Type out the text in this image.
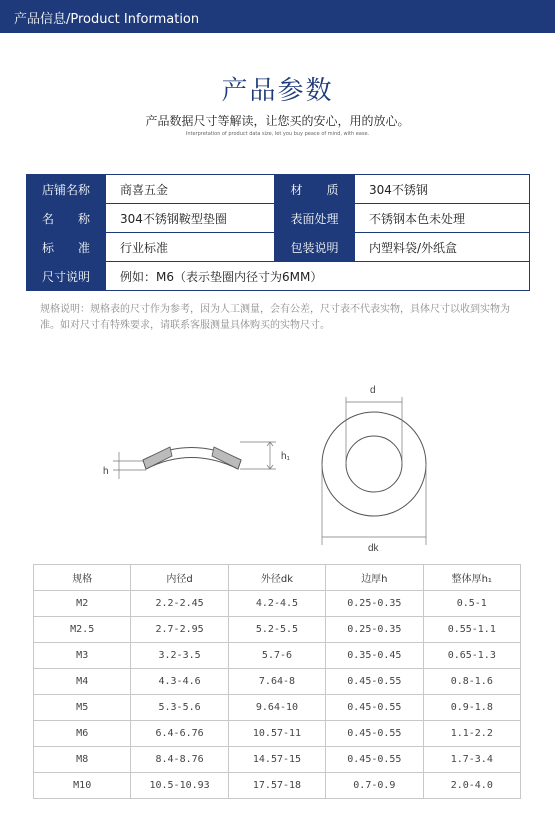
产品信息/Product Information
产品参数
产品数据尺寸等解读，让您买的安心，用的放心。
Interpretation of product data size, let you buy peace of mind, with ease.
店铺名称	商喜五金	材　　质	304不锈钢
名　　称	304不锈钢鞍型垫圈	表面处理	不锈钢本色未处理
标　　准	行业标准	包装说明	内塑料袋/外纸盒
尺寸说明	例如：M6（表示垫圈内径寸为6MM）		
规格说明：规格表的尺寸作为参考，因为人工测量，会有公差，尺寸表不代表实物，具体尺寸以收到实物为准。如对尺寸有特殊要求，请联系客服测量具体购买的实物尺寸。
h
h₁
d
dk
规格	内径d	外径dk	边厚h	整体厚h₁
M2	2.2-2.45	4.2-4.5	0.25-0.35	0.5-1
M2.5	2.7-2.95	5.2-5.5	0.25-0.35	0.55-1.1
M3	3.2-3.5	5.7-6	0.35-0.45	0.65-1.3
M4	4.3-4.6	7.64-8	0.45-0.55	0.8-1.6
M5	5.3-5.6	9.64-10	0.45-0.55	0.9-1.8
M6	6.4-6.76	10.57-11	0.45-0.55	1.1-2.2
M8	8.4-8.76	14.57-15	0.45-0.55	1.7-3.4
M10	10.5-10.93	17.57-18	0.7-0.9	2.0-4.0
